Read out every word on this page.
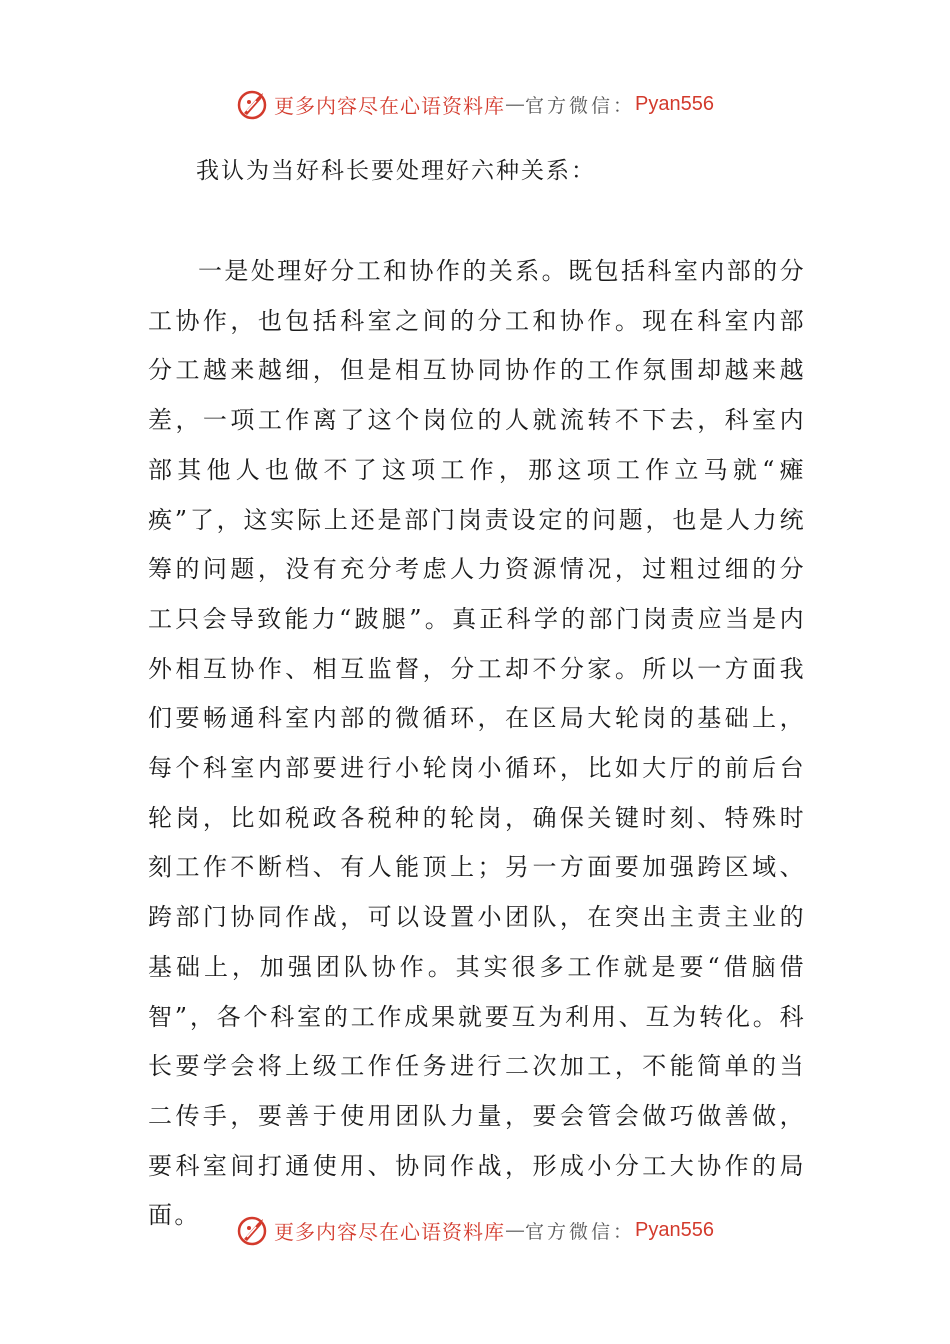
更多内容尽在心语资料库 — 官方微信： Pyan556

我认为当好科长要处理好六种关系：

一是处理好分工和协作的关系。既包括科室内部的分工协作，也包括科室之间的分工和协作。现在科室内部分工越来越细，但是相互协同协作的工作氛围却越来越差，一项工作离了这个岗位的人就流转不下去，科室内部其他人也做不了这项工作，那这项工作立马就“瘫痪”了，这实际上还是部门岗责设定的问题，也是人力统筹的问题，没有充分考虑人力资源情况，过粗过细的分工只会导致能力“跛腿”。真正科学的部门岗责应当是内外相互协作、相互监督，分工却不分家。所以一方面我们要畅通科室内部的微循环，在区局大轮岗的基础上，每个科室内部要进行小轮岗小循环，比如大厅的前后台轮岗，比如税政各税种的轮岗，确保关键时刻、特殊时刻工作不断档、有人能顶上；另一方面要加强跨区域、跨部门协同作战，可以设置小团队，在突出主责主业的基础上，加强团队协作。其实很多工作就是要“借脑借智”，各个科室的工作成果就要互为利用、互为转化。科长要学会将上级工作任务进行二次加工，不能简单的当二传手，要善于使用团队力量，要会管会做巧做善做，要科室间打通使用、协同作战，形成小分工大协作的局面。

更多内容尽在心语资料库 — 官方微信： Pyan556
